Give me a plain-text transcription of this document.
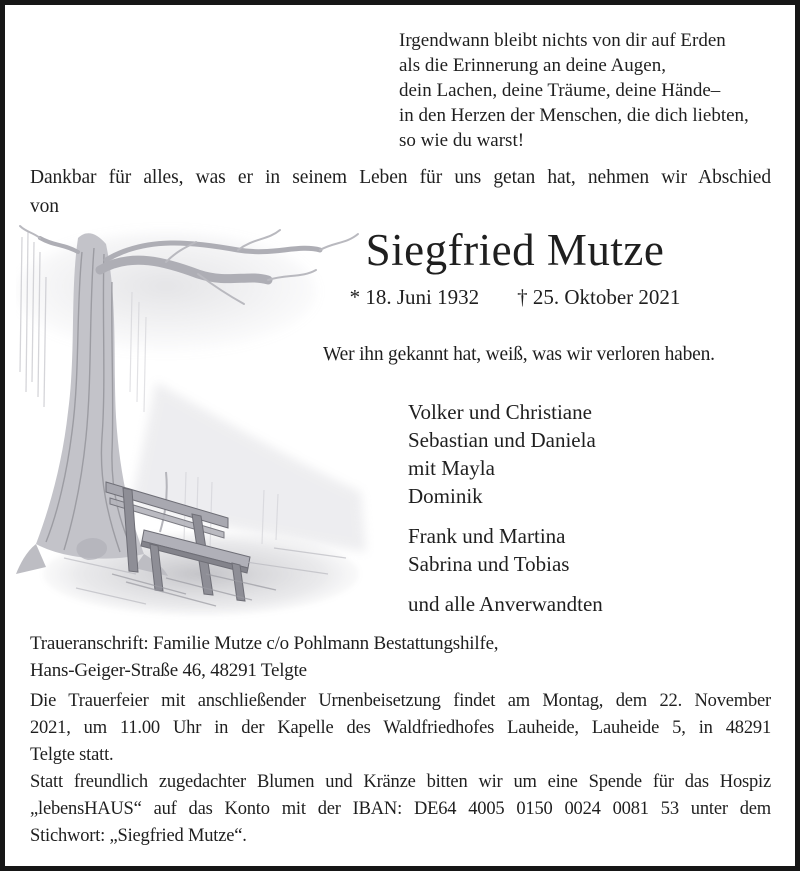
Irgendwann bleibt nichts von dir auf Erden
als die Erinnerung an deine Augen,
dein Lachen, deine Träume, deine Hände–
in den Herzen der Menschen, die dich liebten,
so wie du warst!
Dankbar für alles, was er in seinem Leben für uns getan hat, nehmen wir Abschied
von
Siegfried Mutze
* 18. Juni 1932 † 25. Oktober 2021
Wer ihn gekannt hat, weiß, was wir verloren haben.
Volker und Christiane
Sebastian und Daniela
mit Mayla
Dominik
Frank und Martina
Sabrina und Tobias
und alle Anverwandten
Traueranschrift: Familie Mutze c/o Pohlmann Bestattungshilfe,
Hans-Geiger-Straße 46, 48291 Telgte
Die Trauerfeier mit anschließender Urnenbeisetzung findet am Montag, dem 22. November
2021, um 11.00 Uhr in der Kapelle des Waldfriedhofes Lauheide, Lauheide 5, in 48291
Telgte statt.
Statt freundlich zugedachter Blumen und Kränze bitten wir um eine Spende für das Hospiz
„lebensHAUS“ auf das Konto mit der IBAN: DE64 4005 0150 0024 0081 53 unter dem
Stichwort: „Siegfried Mutze“.
